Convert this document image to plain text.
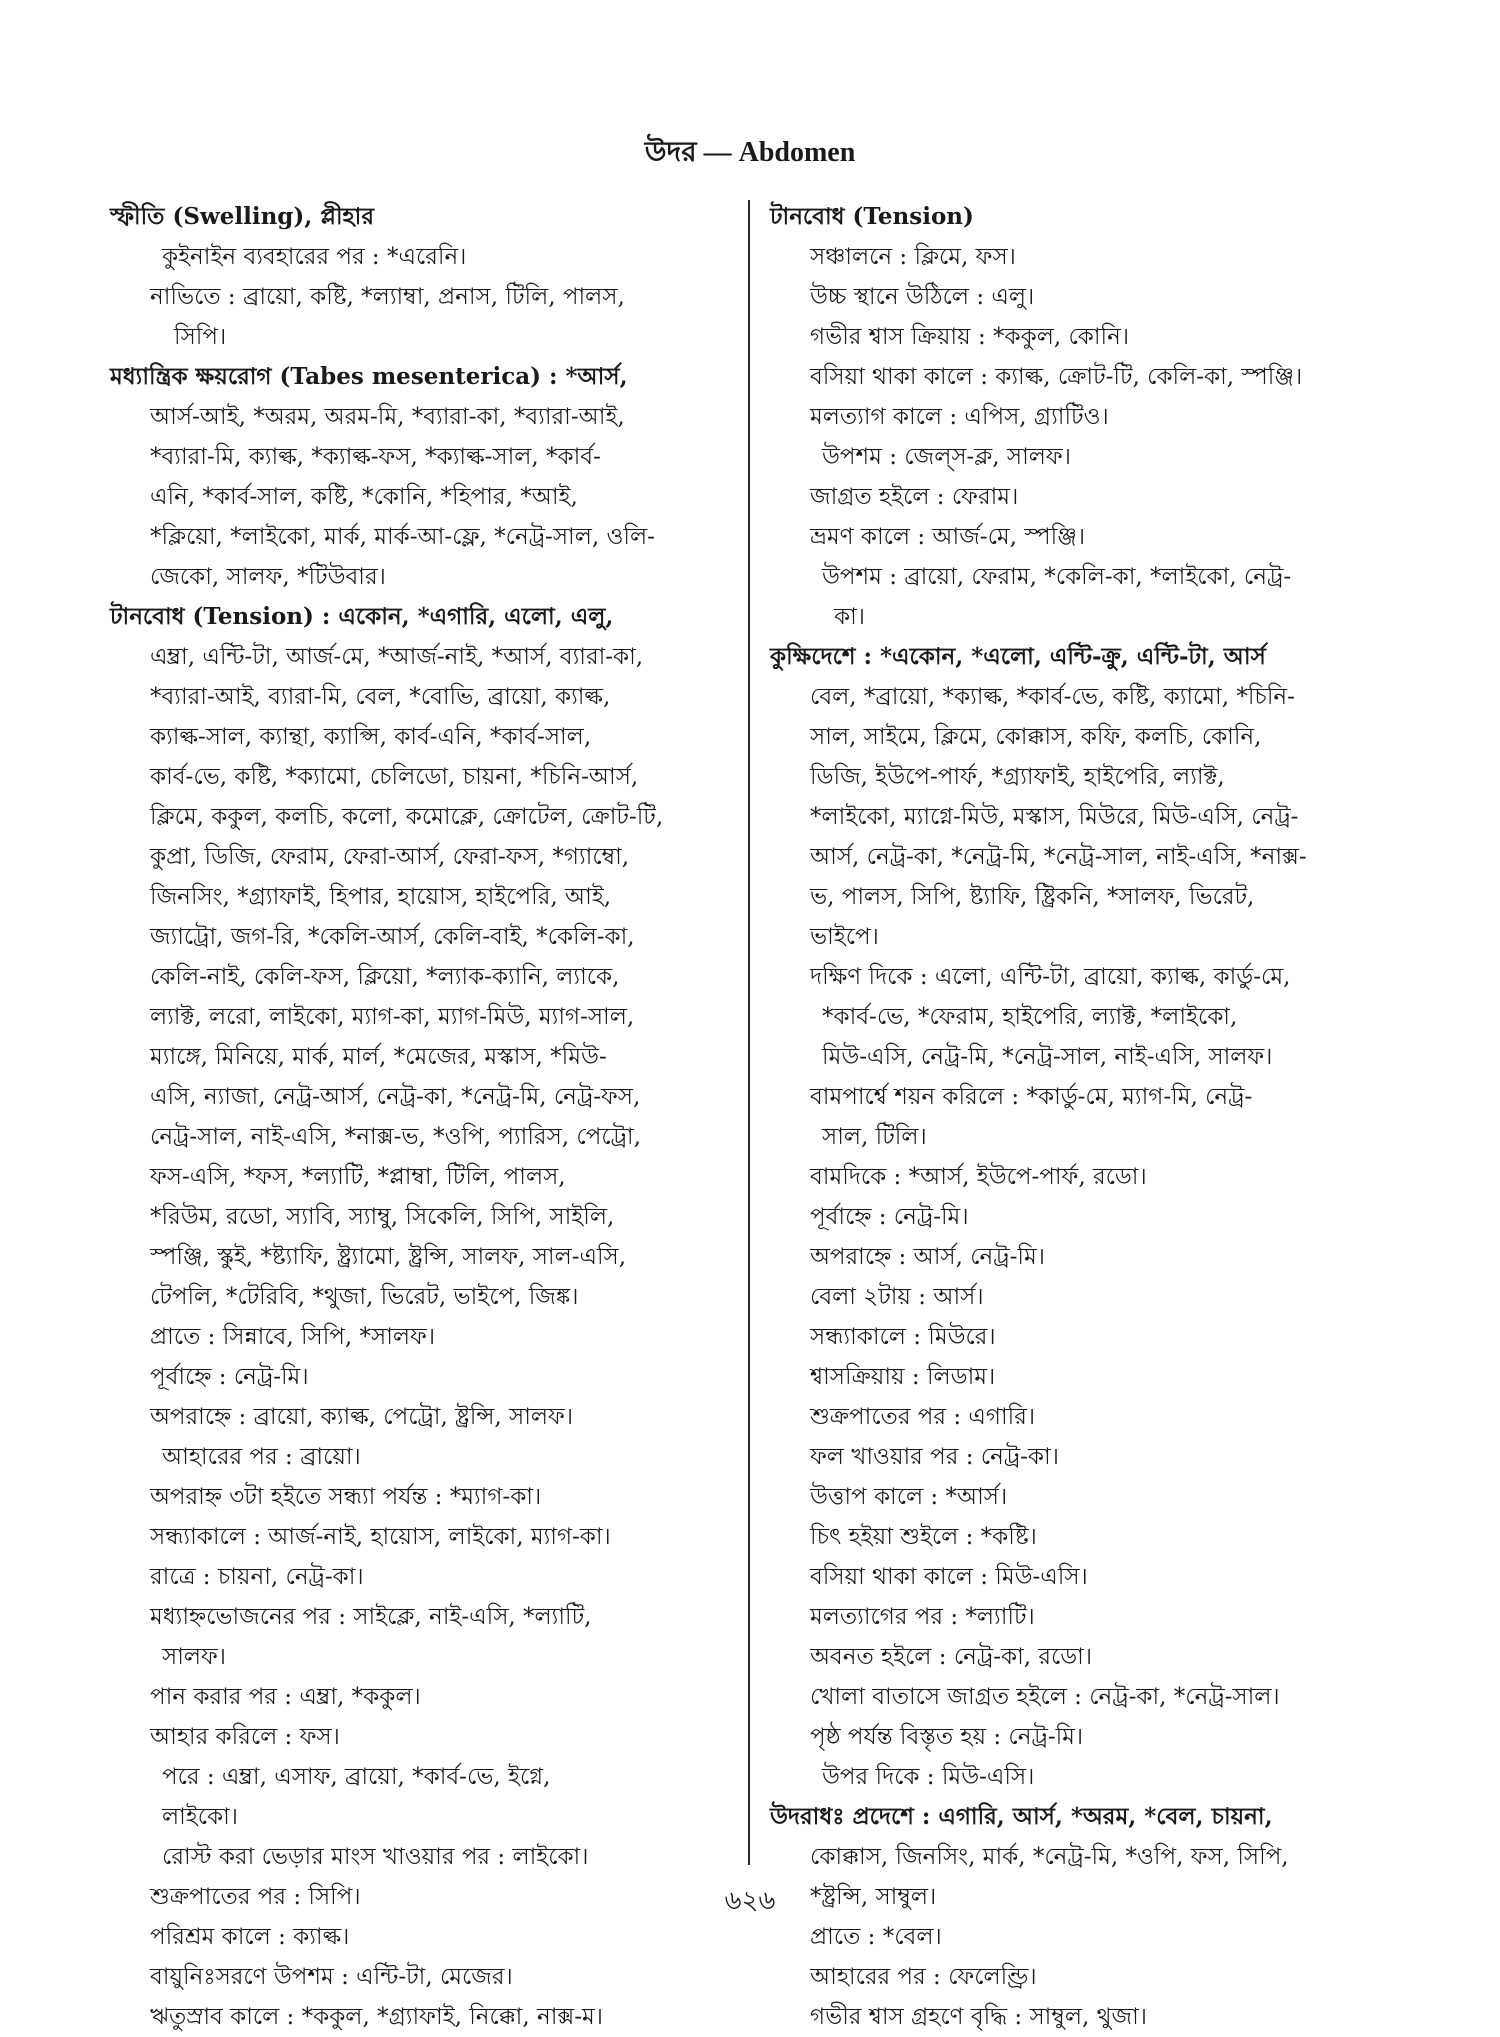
উদর — Abdomen
স্ফীতি (Swelling), প্লীহার
কুইনাইন ব্যবহারের পর : *এরেনি।
নাভিতে : ব্রায়ো, কষ্টি, *ল্যাম্বা, প্রনাস, টিলি, পালস,
সিপি।
মধ্যান্ত্রিক ক্ষয়রোগ (Tabes mesenterica) : *আর্স,
আর্স-আই, *অরম, অরম-মি, *ব্যারা-কা, *ব্যারা-আই,
*ব্যারা-মি, ক্যাল্ক, *ক্যাল্ক-ফস, *ক্যাল্ক-সাল, *কার্ব-
এনি, *কার্ব-সাল, কষ্টি, *কোনি, *হিপার, *আই,
*ক্লিয়ো, *লাইকো, মার্ক, মার্ক-আ-ফ্লে, *নেট্র-সাল, ওলি-
জেকো, সালফ, *টিউবার।
টানবোধ (Tension) : একোন, *এগারি, এলো, এলু,
এম্ব্রা, এন্টি-টা, আর্জ-মে, *আর্জ-নাই, *আর্স, ব্যারা-কা,
*ব্যারা-আই, ব্যারা-মি, বেল, *বোভি, ব্রায়ো, ক্যাল্ক,
ক্যাল্ক-সাল, ক্যান্থা, ক্যাপ্সি, কার্ব-এনি, *কার্ব-সাল,
কার্ব-ভে, কষ্টি, *ক্যামো, চেলিডো, চায়না, *চিনি-আর্স,
ক্লিমে, ককুল, কলচি, কলো, কমোক্লে, ক্রোটেল, ক্রোট-টি,
কুপ্রা, ডিজি, ফেরাম, ফেরা-আর্স, ফেরা-ফস, *গ্যাম্বো,
জিনসিং, *গ্র্যাফাই, হিপার, হায়োস, হাইপেরি, আই,
জ্যাট্রো, জগ-রি, *কেলি-আর্স, কেলি-বাই, *কেলি-কা,
কেলি-নাই, কেলি-ফস, ক্লিয়ো, *ল্যাক-ক্যানি, ল্যাকে,
ল্যাক্ট, লরো, লাইকো, ম্যাগ-কা, ম্যাগ-মিউ, ম্যাগ-সাল,
ম্যাঙ্গে, মিনিয়ে, মার্ক, মার্ল, *মেজের, মস্কাস, *মিউ-
এসি, ন্যাজা, নেট্র-আর্স, নেট্র-কা, *নেট্র-মি, নেট্র-ফস,
নেট্র-সাল, নাই-এসি, *নাক্স-ভ, *ওপি, প্যারিস, পেট্রো,
ফস-এসি, *ফস, *ল্যাটি, *প্লাম্বা, টিলি, পালস,
*রিউম, রডো, স্যাবি, স্যাম্বু, সিকেলি, সিপি, সাইলি,
স্পঞ্জি, স্কুই, *ষ্ট্যাফি, ষ্ট্র্যামো, ষ্ট্রন্সি, সালফ, সাল-এসি,
টেপলি, *টেরিবি, *থুজা, ভিরেট, ভাইপে, জিঙ্ক।
প্রাতে : সিন্নাবে, সিপি, *সালফ।
পূর্বাহ্নে : নেট্র-মি।
অপরাহ্নে : ব্রায়ো, ক্যাল্ক, পেট্রো, ষ্ট্রন্সি, সালফ।
আহারের পর : ব্রায়ো।
অপরাহ্ন ৩টা হইতে সন্ধ্যা পর্যন্ত : *ম্যাগ-কা।
সন্ধ্যাকালে : আর্জ-নাই, হায়োস, লাইকো, ম্যাগ-কা।
রাত্রে : চায়না, নেট্র-কা।
মধ্যাহ্নভোজনের পর : সাইক্লে, নাই-এসি, *ল্যাটি,
সালফ।
পান করার পর : এম্ব্রা, *ককুল।
আহার করিলে : ফস।
পরে : এম্ব্রা, এসাফ, ব্রায়ো, *কার্ব-ভে, ইগ্নে,
লাইকো।
রোস্ট করা ভেড়ার মাংস খাওয়ার পর : লাইকো।
শুক্রপাতের পর : সিপি।
পরিশ্রম কালে : ক্যাল্ক।
বায়ুনিঃসরণে উপশম : এন্টি-টা, মেজের।
ঋতুস্রাব কালে : *ককুল, *গ্র্যাফাই, নিক্কো, নাক্স-ম।
টানবোধ (Tension)
সঞ্চালনে : ক্লিমে, ফস।
উচ্চ স্থানে উঠিলে : এলু।
গভীর শ্বাস ক্রিয়ায় : *ককুল, কোনি।
বসিয়া থাকা কালে : ক্যাল্ক, ক্রোট-টি, কেলি-কা, স্পঞ্জি।
মলত্যাগ কালে : এপিস, গ্র্যাটিও।
উপশম : জেল্স-ক্ল, সালফ।
জাগ্রত হইলে : ফেরাম।
ভ্রমণ কালে : আর্জ-মে, স্পঞ্জি।
উপশম : ব্রায়ো, ফেরাম, *কেলি-কা, *লাইকো, নেট্র-
কা।
কুক্ষিদেশে : *একোন, *এলো, এন্টি-ক্রু, এন্টি-টা, আর্স
বেল, *ব্রায়ো, *ক্যাল্ক, *কার্ব-ভে, কষ্টি, ক্যামো, *চিনি-
সাল, সাইমে, ক্লিমে, কোক্কাস, কফি, কলচি, কোনি,
ডিজি, ইউপে-পার্ফ, *গ্র্যাফাই, হাইপেরি, ল্যাক্ট,
*লাইকো, ম্যাগ্নে-মিউ, মস্কাস, মিউরে, মিউ-এসি, নেট্র-
আর্স, নেট্র-কা, *নেট্র-মি, *নেট্র-সাল, নাই-এসি, *নাক্স-
ভ, পালস, সিপি, ষ্ট্যাফি, ষ্ট্রিকনি, *সালফ, ভিরেট,
ভাইপে।
দক্ষিণ দিকে : এলো, এন্টি-টা, ব্রায়ো, ক্যাল্ক, কার্ডু-মে,
*কার্ব-ভে, *ফেরাম, হাইপেরি, ল্যাক্ট, *লাইকো,
মিউ-এসি, নেট্র-মি, *নেট্র-সাল, নাই-এসি, সালফ।
বামপার্শ্বে শয়ন করিলে : *কার্ডু-মে, ম্যাগ-মি, নেট্র-
সাল, টিলি।
বামদিকে : *আর্স, ইউপে-পার্ফ, রডো।
পূর্বাহ্নে : নেট্র-মি।
অপরাহ্নে : আর্স, নেট্র-মি।
বেলা ২টায় : আর্স।
সন্ধ্যাকালে : মিউরে।
শ্বাসক্রিয়ায় : লিডাম।
শুক্রপাতের পর : এগারি।
ফল খাওয়ার পর : নেট্র-কা।
উত্তাপ কালে : *আর্স।
চিৎ হইয়া শুইলে : *কষ্টি।
বসিয়া থাকা কালে : মিউ-এসি।
মলত্যাগের পর : *ল্যাটি।
অবনত হইলে : নেট্র-কা, রডো।
খোলা বাতাসে জাগ্রত হইলে : নেট্র-কা, *নেট্র-সাল।
পৃষ্ঠ পর্যন্ত বিস্তৃত হয় : নেট্র-মি।
উপর দিকে : মিউ-এসি।
উদরাধঃ প্রদেশে : এগারি, আর্স, *অরম, *বেল, চায়না,
কোক্কাস, জিনসিং, মার্ক, *নেট্র-মি, *ওপি, ফস, সিপি,
*ষ্ট্রন্সি, সাম্বুল।
প্রাতে : *বেল।
আহারের পর : ফেলেণ্ড্রি।
গভীর শ্বাস গ্রহণে বৃদ্ধি : সাম্বুল, থুজা।
৬২৬
